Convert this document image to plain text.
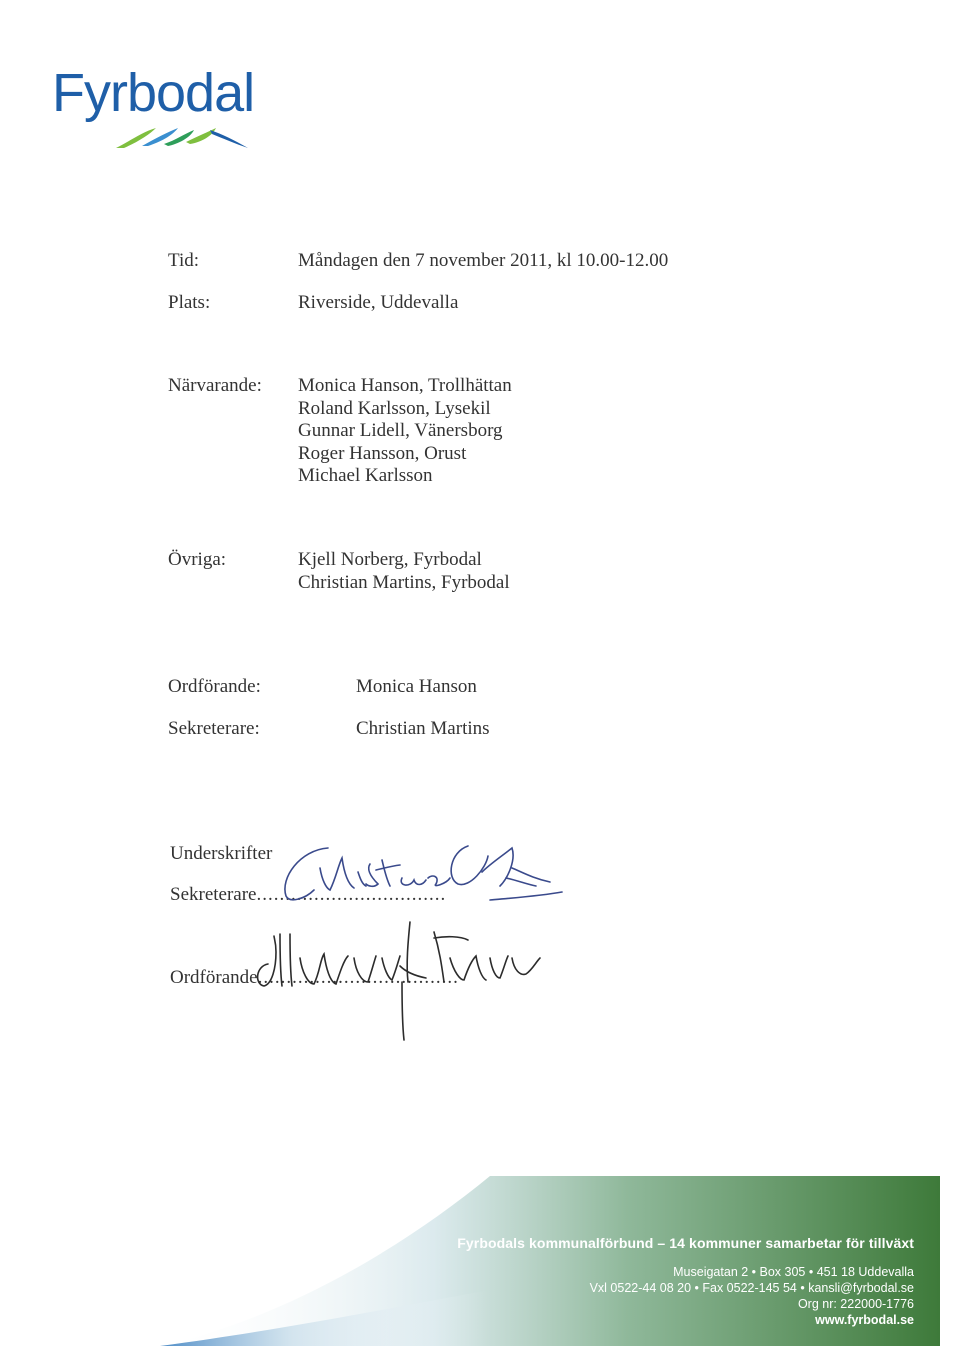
Fyrbodal
Tid:	Måndagen den 7 november 2011, kl 10.00-12.00
Plats:	Riverside, Uddevalla
Närvarande: Monica Hanson, Trollhättan
Roland Karlsson, Lysekil
Gunnar Lidell, Vänersborg
Roger Hansson, Orust
Michael Karlsson
Övriga:	Kjell Norberg, Fyrbodal
Christian Martins, Fyrbodal
Ordförande:	Monica Hanson
Sekreterare:	Christian Martins
Underskrifter
Sekreterare.................................
Ordförande...................................
Fyrbodals kommunalförbund – 14 kommuner samarbetar för tillväxt
Museigatan 2 • Box 305 • 451 18 Uddevalla
Vxl 0522-44 08 20 • Fax 0522-145 54 • kansli@fyrbodal.se
Org nr: 222000-1776
www.fyrbodal.se
